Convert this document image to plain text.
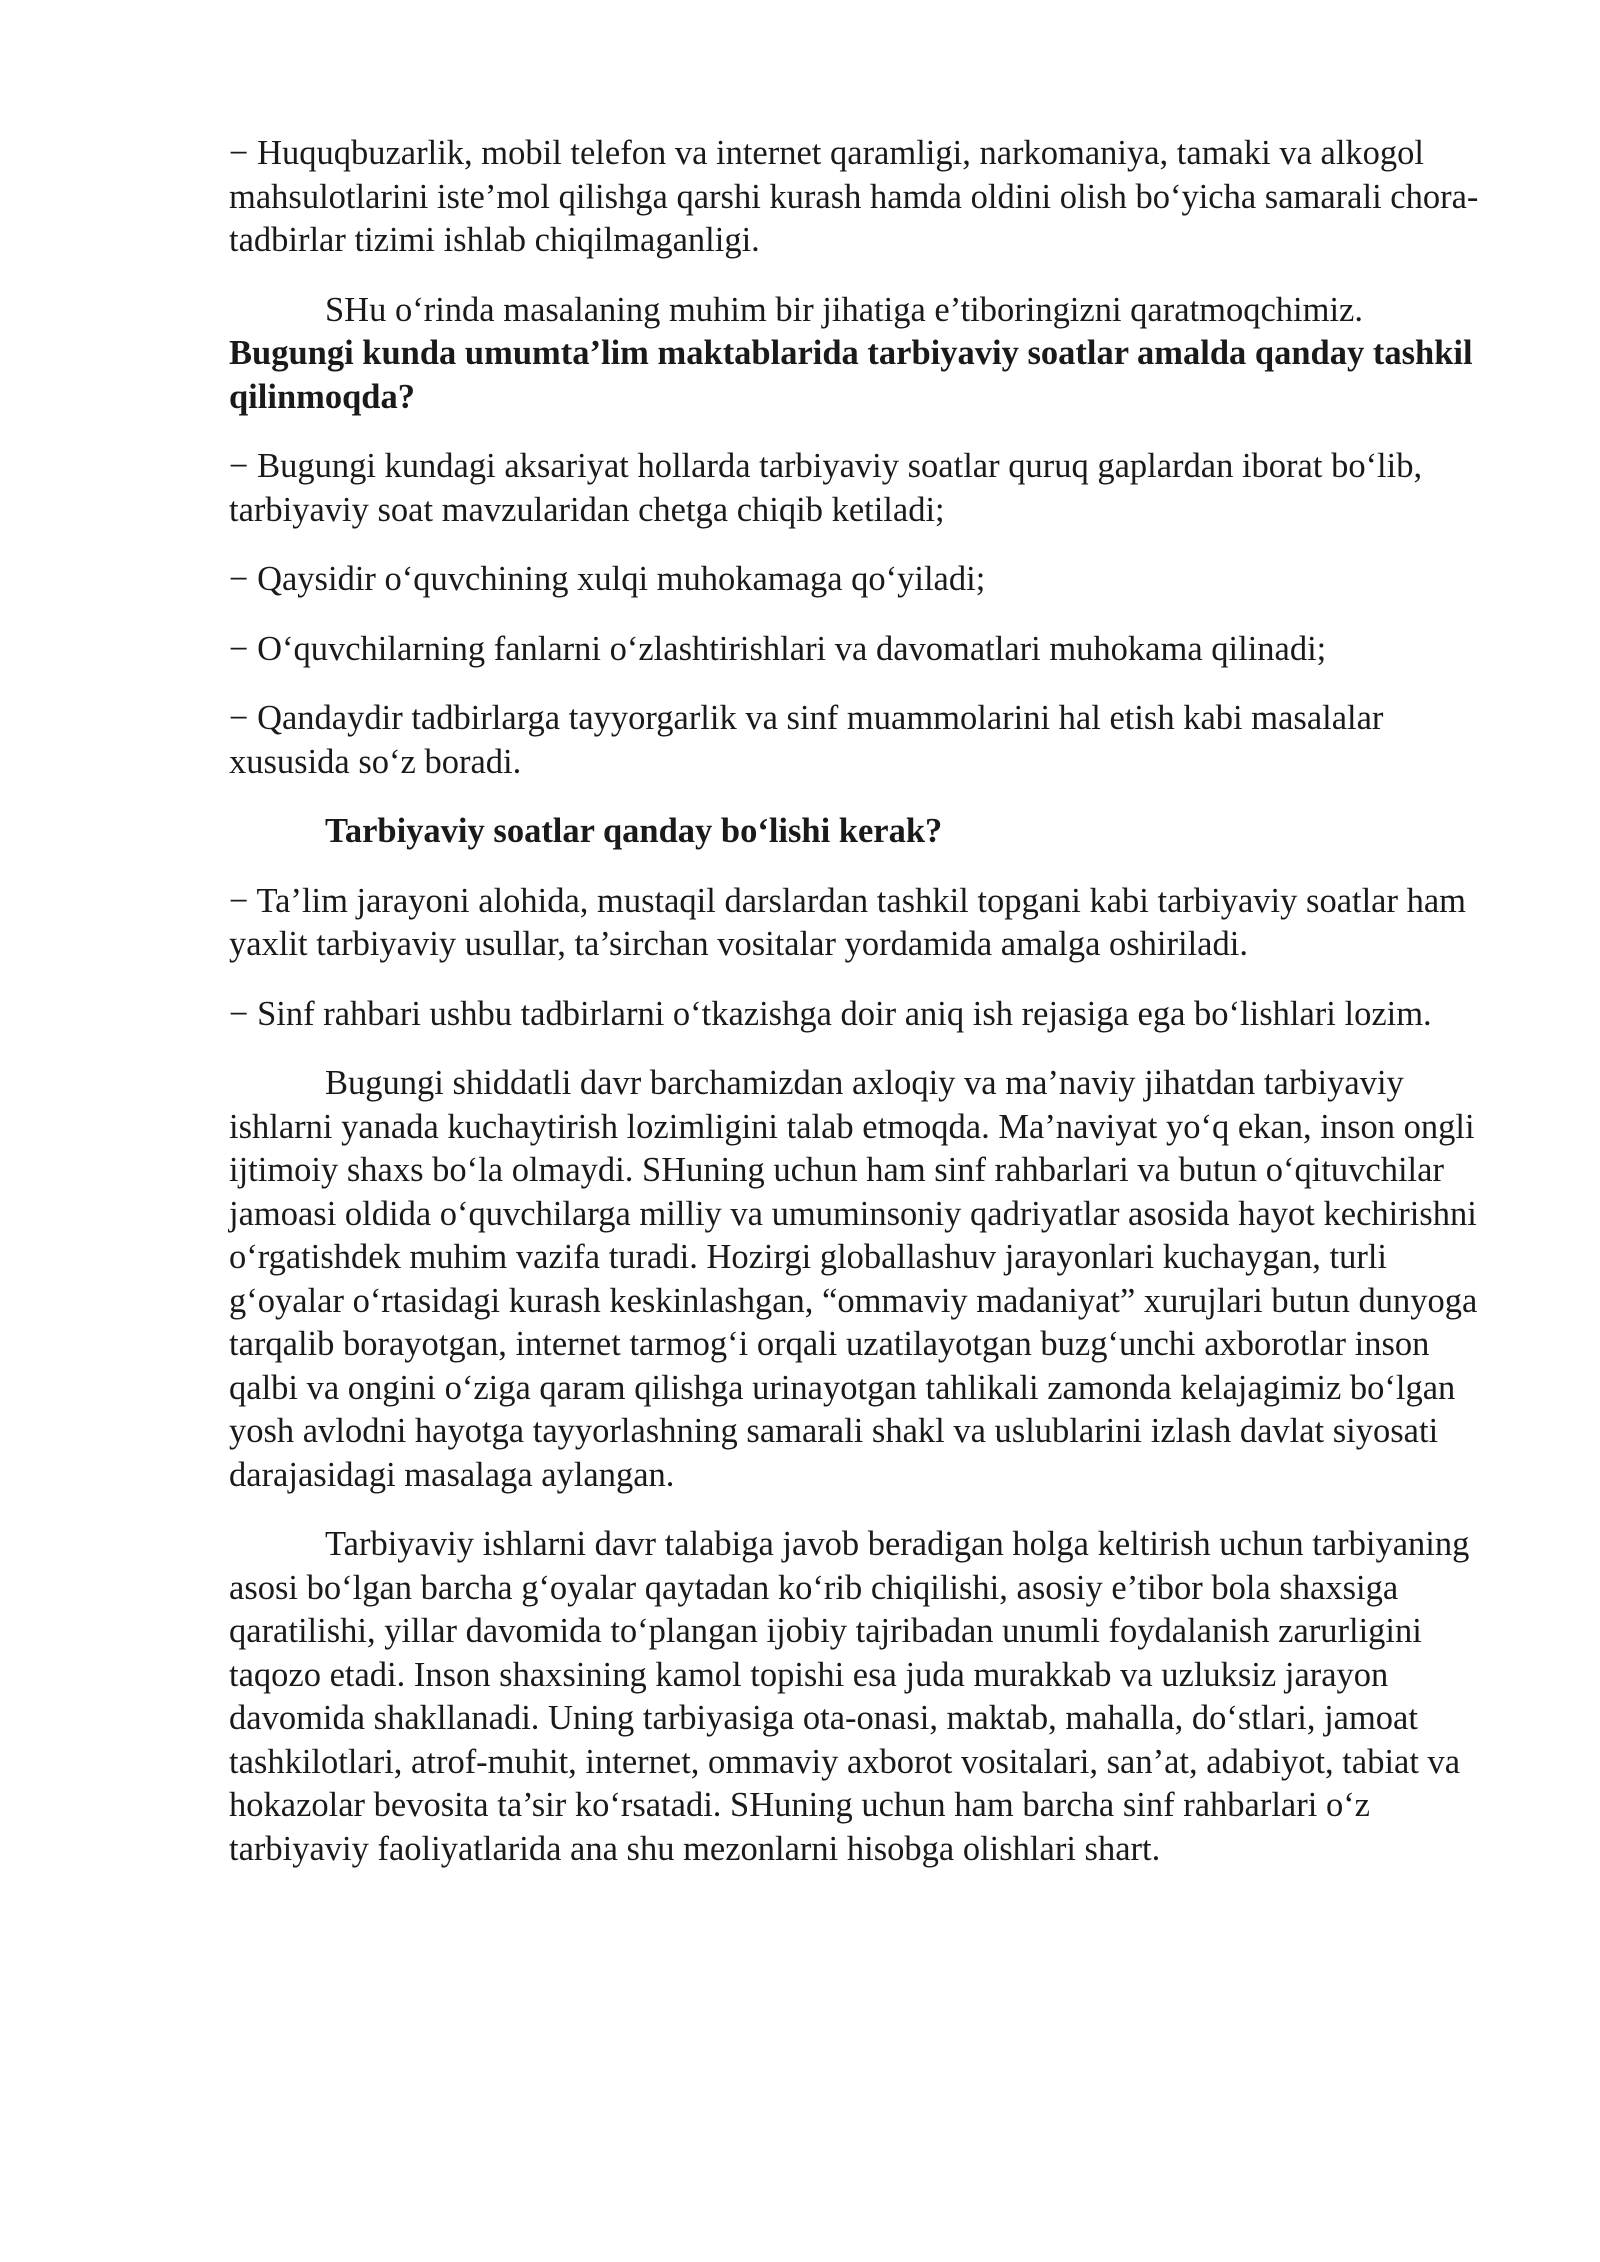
− Huquqbuzarlik, mobil telefon va internet qaramligi, narkomaniya, tamaki va alkogol mahsulotlarini iste’mol qilishga qarshi kurash hamda oldini olish bo‘yicha samarali chora-tadbirlar tizimi ishlab chiqilmaganligi.

SHu o‘rinda masalaning muhim bir jihatiga e’tiboringizni qaratmoqchimiz.
Bugungi kunda umumta’lim maktablarida tarbiyaviy soatlar amalda qanday tashkil qilinmoqda?

− Bugungi kundagi aksariyat hollarda tarbiyaviy soatlar quruq gaplardan iborat bo‘lib, tarbiyaviy soat mavzularidan chetga chiqib ketiladi;

− Qaysidir o‘quvchining xulqi muhokamaga qo‘yiladi;

− O‘quvchilarning fanlarni o‘zlashtirishlari va davomatlari muhokama qilinadi;

− Qandaydir tadbirlarga tayyorgarlik va sinf muammolarini hal etish kabi masalalar xususida so‘z boradi.

Tarbiyaviy soatlar qanday bo‘lishi kerak?

− Ta’lim jarayoni alohida, mustaqil darslardan tashkil topgani kabi tarbiyaviy soatlar ham yaxlit tarbiyaviy usullar, ta’sirchan vositalar yordamida amalga oshiriladi.

− Sinf rahbari ushbu tadbirlarni o‘tkazishga doir aniq ish rejasiga ega bo‘lishlari lozim.

Bugungi shiddatli davr barchamizdan axloqiy va ma’naviy jihatdan tarbiyaviy ishlarni yanada kuchaytirish lozimligini talab etmoqda. Ma’naviyat yo‘q ekan, inson ongli ijtimoiy shaxs bo‘la olmaydi. SHuning uchun ham sinf rahbarlari va butun o‘qituvchilar jamoasi oldida o‘quvchilarga milliy va umuminsoniy qadriyatlar asosida hayot kechirishni o‘rgatishdek muhim vazifa turadi. Hozirgi globallashuv jarayonlari kuchaygan, turli g‘oyalar o‘rtasidagi kurash keskinlashgan, “ommaviy madaniyat” xurujlari butun dunyoga tarqalib borayotgan, internet tarmog‘i orqali uzatilayotgan buzg‘unchi axborotlar inson qalbi va ongini o‘ziga qaram qilishga urinayotgan tahlikali zamonda kelajagimiz bo‘lgan yosh avlodni hayotga tayyorlashning samarali shakl va uslublarini izlash davlat siyosati darajasidagi masalaga aylangan.

Tarbiyaviy ishlarni davr talabiga javob beradigan holga keltirish uchun tarbiyaning asosi bo‘lgan barcha g‘oyalar qaytadan ko‘rib chiqilishi, asosiy e’tibor bola shaxsiga qaratilishi, yillar davomida to‘plangan ijobiy tajribadan unumli foydalanish zarurligini taqozo etadi. Inson shaxsining kamol topishi esa juda murakkab va uzluksiz jarayon davomida shakllanadi. Uning tarbiyasiga ota-onasi, maktab, mahalla, do‘stlari, jamoat tashkilotlari, atrof-muhit, internet, ommaviy axborot vositalari, san’at, adabiyot, tabiat va hokazolar bevosita ta’sir ko‘rsatadi. SHuning uchun ham barcha sinf rahbarlari o‘z tarbiyaviy faoliyatlarida ana shu mezonlarni hisobga olishlari shart.
